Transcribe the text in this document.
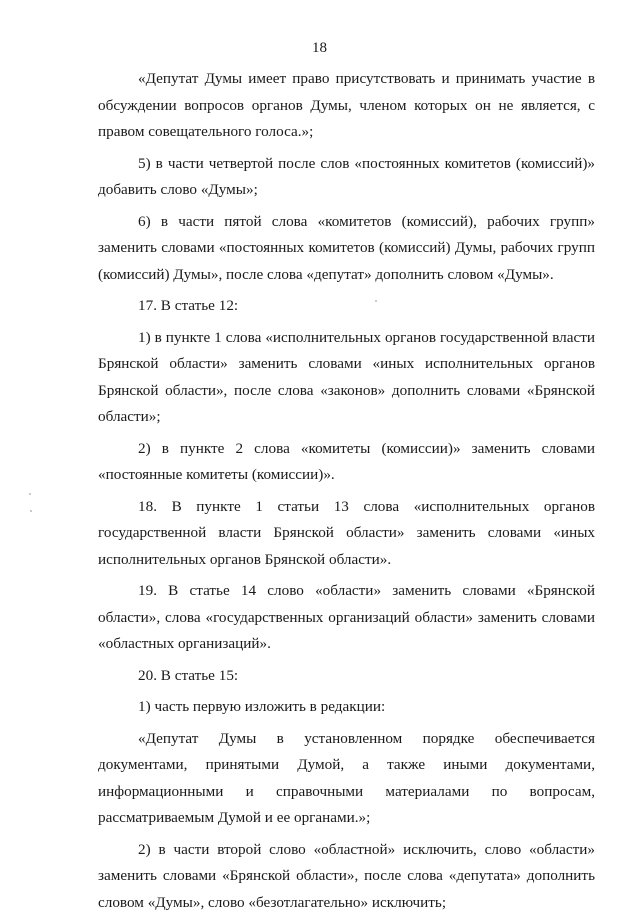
18

«Депутат Думы имеет право присутствовать и принимать участие в обсуждении вопросов органов Думы, членом которых он не является, с правом совещательного голоса.»;

5) в части четвертой после слов «постоянных комитетов (комиссий)» добавить слово «Думы»;

6) в части пятой слова «комитетов (комиссий), рабочих групп» заменить словами «постоянных комитетов (комиссий) Думы, рабочих групп (комиссий) Думы», после слова «депутат» дополнить словом «Думы».

17. В статье 12:

1) в пункте 1 слова «исполнительных органов государственной власти Брянской области» заменить словами «иных исполнительных органов Брянской области», после слова «законов» дополнить словами «Брянской области»;

2) в пункте 2 слова «комитеты (комиссии)» заменить словами «постоянные комитеты (комиссии)».

18. В пункте 1 статьи 13 слова «исполнительных органов государственной власти Брянской области» заменить словами «иных исполнительных органов Брянской области».

19. В статье 14 слово «области» заменить словами «Брянской области», слова «государственных организаций области» заменить словами «областных организаций».

20. В статье 15:

1) часть первую изложить в редакции:

«Депутат Думы в установленном порядке обеспечивается документами, принятыми Думой, а также иными документами, информационными и справочными материалами по вопросам, рассматриваемым Думой и ее органами.»;

2) в части второй слово «областной» исключить, слово «области» заменить словами «Брянской области», после слова «депутата» дополнить словом «Думы», слово «безотлагательно» исключить;
